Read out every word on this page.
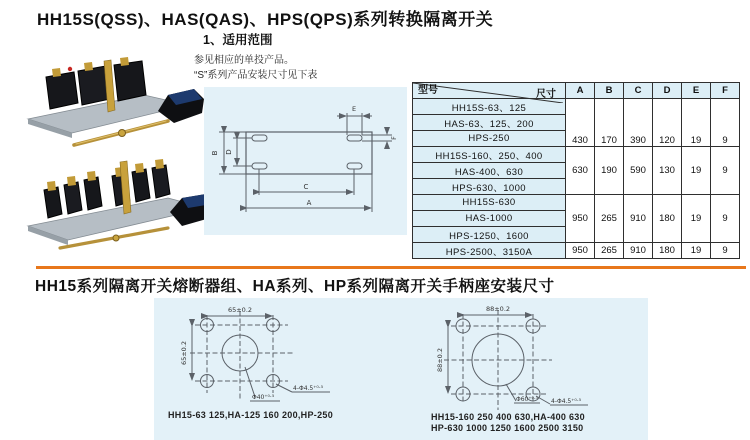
HH15S(QSS)、HAS(QAS)、HPS(QPS)系列转换隔离开关
1、适用范围
参见相应的单投产品。
“S”系列产品安装尺寸见下表
B D
C
A
E
F
型号 尺寸	A	B	C	D	E	F
HH15S-63、125	430	170	390	120	19	9
HAS-63、125、200						
HPS-250						
HH15S-160、250、400	630	190	590	130	19	9
HAS-400、630						
HPS-630、1000						
HH15S-630	950	265	910	180	19	9
HAS-1000						
HPS-1250、1600						
HPS-2500、3150A	950	265	910	180	19	9
HH15系列隔离开关熔断器组、HA系列、HP系列隔离开关手柄座安装尺寸
65±0.2
65±0.2
Φ40⁺⁰·⁵
4-Φ4.5⁺⁰·⁵
HH15-63 125,HA-125 160 200,HP-250
88±0.2
88±0.2
Φ60⁺⁰·⁵ 4-Φ4.5⁺⁰·⁵
HH15-160 250 400 630,HA-400 630
HP-630 1000 1250 1600 2500 3150
